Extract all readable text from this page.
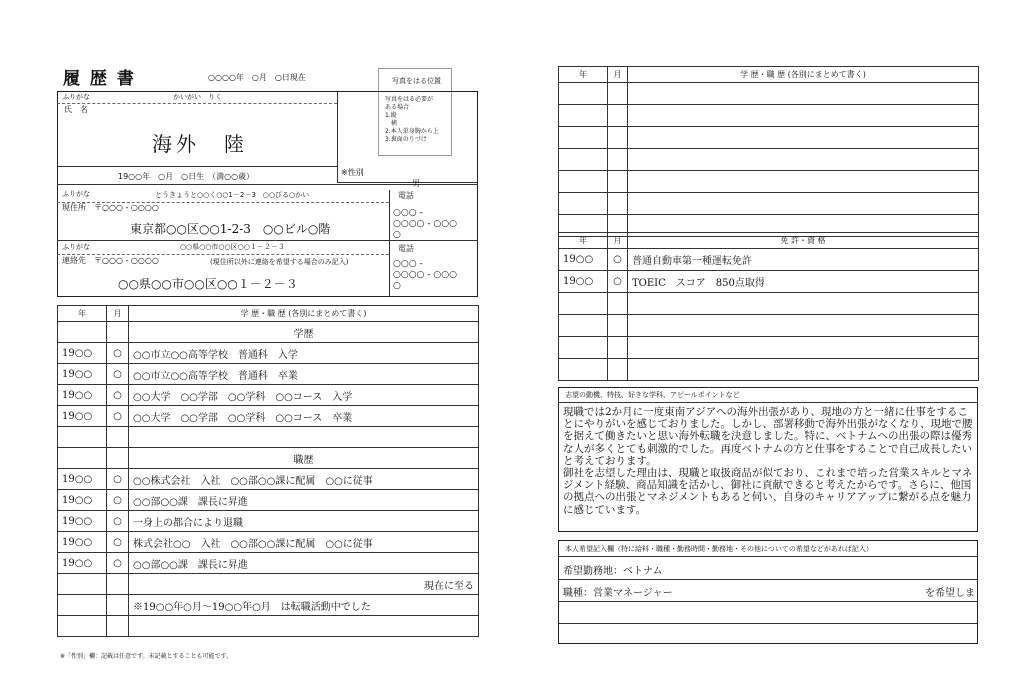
履 歴 書	○○○○年　○月　○日現在	写真をはる位置
写真をはる必要が
ある場合
1.縦
　横
2.本人単身胸から上
3.裏面のりづけ
ふりがな	かいがい　りく
氏　名
海外　陸
19○○年　○月　○日生　（満○○歳）	※性別
男
ふりがな	とうきょうと○○く○○1－2－3　○○びる○かい
現住所　〒○○○ - ○○○○
東京都○○区○○1-2-3　○○ビル○階
電話
○○○ -
○○○○ - ○○○
○
ふりがな	○○県○○市○○区○○１－２－３
連絡先　〒○○○ - ○○○○	(現住所以外に連絡を希望する場合のみ記入)
○○県○○市○○区○○１－２－３
電話
○○○ -
○○○○ - ○○○
○
年	月	学 歴・職 歴 (各別にまとめて書く)
		学歴
19○○	○	○○市立○○高等学校　普通科　入学
19○○	○	○○市立○○高等学校　普通科　卒業
19○○	○	○○大学　○○学部　○○学科　○○コース　入学
19○○	○	○○大学　○○学部　○○学科　○○コース　卒業

		職歴
19○○	○	○○株式会社　入社　○○部○○課に配属　○○に従事
19○○	○	○○部○○課　課長に昇進
19○○	○	一身上の都合により退職
19○○	○	株式会社○○　入社　○○部○○課に配属　○○に従事
19○○	○	○○部○○課　課長に昇進
		現在に至る
		※19○○年○月～19○○年○月　は転職活動中でした

※「性別」欄：記載は任意です。未記載とすることも可能です。
年	月	学 歴・職 歴 (各別にまとめて書く)

年	月	免 許・資 格
19○○	○	普通自動車第一種運転免許
19○○	○	TOEIC　スコア　850点取得

志望の動機、特技、好きな学科、アピールポイントなど
現職では2か月に一度東南アジアへの海外出張があり、現地の方と一緒に仕事をすることにやりがいを感じておりました。しかし、部署移動で海外出張がなくなり、現地で腰を据えて働きたいと思い海外転職を決意しました。特に、ベトナムへの出張の際は優秀な人が多くとても刺激的でした。再度ベトナムの方と仕事をすることで自己成長したいと考えております。
御社を志望した理由は、現職と取扱商品が似ており、これまで培った営業スキルとマネジメント経験、商品知識を活かし、御社に貢献できると考えたからです。さらに、他国の拠点への出張とマネジメントもあると伺い、自身のキャリアアップに繋がる点を魅力に感じています。
本人希望記入欄（特に給料・職種・勤務時間・勤務地・その他についての希望などがあれば記入）
希望勤務地：ベトナム
職種：営業マネージャー	を希望しま
